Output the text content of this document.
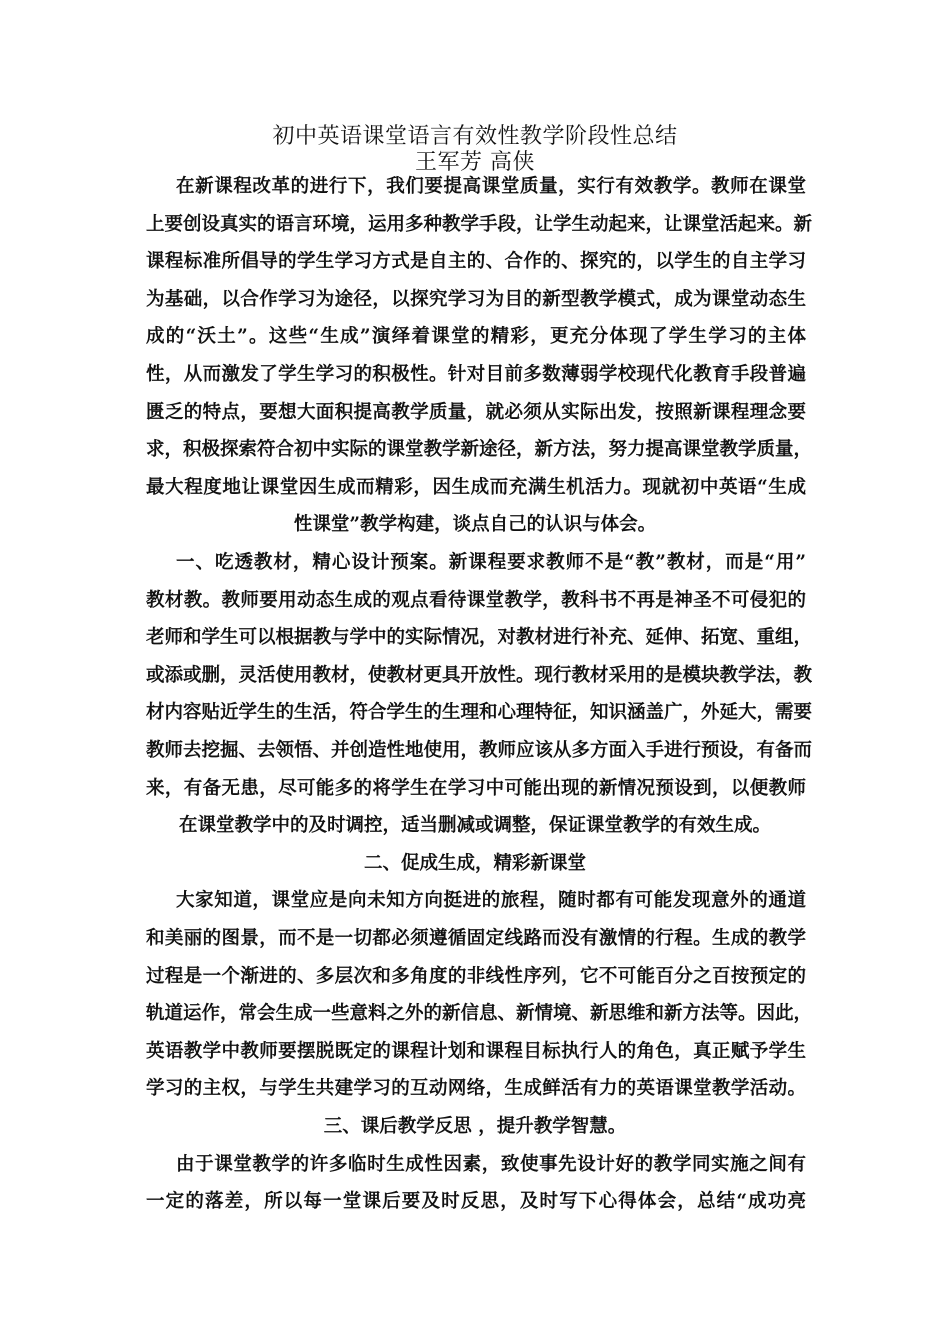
初中英语课堂语言有效性教学阶段性总结
王军芳 高侠
在新课程改革的进行下，我们要提高课堂质量，实行有效教学。教师在课堂
上要创设真实的语言环境，运用多种教学手段，让学生动起来，让课堂活起来。新
课程标准所倡导的学生学习方式是自主的、合作的、探究的，以学生的自主学习
为基础，以合作学习为途径，以探究学习为目的新型教学模式，成为课堂动态生
成的“沃土”。这些“生成”演绎着课堂的精彩，更充分体现了学生学习的主体
性，从而激发了学生学习的积极性。针对目前多数薄弱学校现代化教育手段普遍
匮乏的特点，要想大面积提高教学质量，就必须从实际出发，按照新课程理念要
求，积极探索符合初中实际的课堂教学新途径，新方法，努力提高课堂教学质量，
最大程度地让课堂因生成而精彩，因生成而充满生机活力。现就初中英语“生成
性课堂”教学构建，谈点自己的认识与体会。
一、吃透教材，精心设计预案。新课程要求教师不是“教”教材，而是“用”
教材教。教师要用动态生成的观点看待课堂教学，教科书不再是神圣不可侵犯的
老师和学生可以根据教与学中的实际情况，对教材进行补充、延伸、拓宽、重组，
或添或删，灵活使用教材，使教材更具开放性。现行教材采用的是模块教学法，教
材内容贴近学生的生活，符合学生的生理和心理特征，知识涵盖广，外延大，需要
教师去挖掘、去领悟、并创造性地使用，教师应该从多方面入手进行预设，有备而
来，有备无患，尽可能多的将学生在学习中可能出现的新情况预设到，以便教师
在课堂教学中的及时调控，适当删减或调整，保证课堂教学的有效生成。
二、促成生成，精彩新课堂
大家知道，课堂应是向未知方向挺进的旅程，随时都有可能发现意外的通道
和美丽的图景，而不是一切都必须遵循固定线路而没有激情的行程。生成的教学
过程是一个渐进的、多层次和多角度的非线性序列，它不可能百分之百按预定的
轨道运作，常会生成一些意料之外的新信息、新情境、新思维和新方法等。因此，
英语教学中教师要摆脱既定的课程计划和课程目标执行人的角色，真正赋予学生
学习的主权，与学生共建学习的互动网络，生成鲜活有力的英语课堂教学活动。
三、课后教学反思 ，提升教学智慧。
由于课堂教学的许多临时生成性因素，致使事先设计好的教学同实施之间有
一定的落差，所以每一堂课后要及时反思，及时写下心得体会，总结“成功亮
